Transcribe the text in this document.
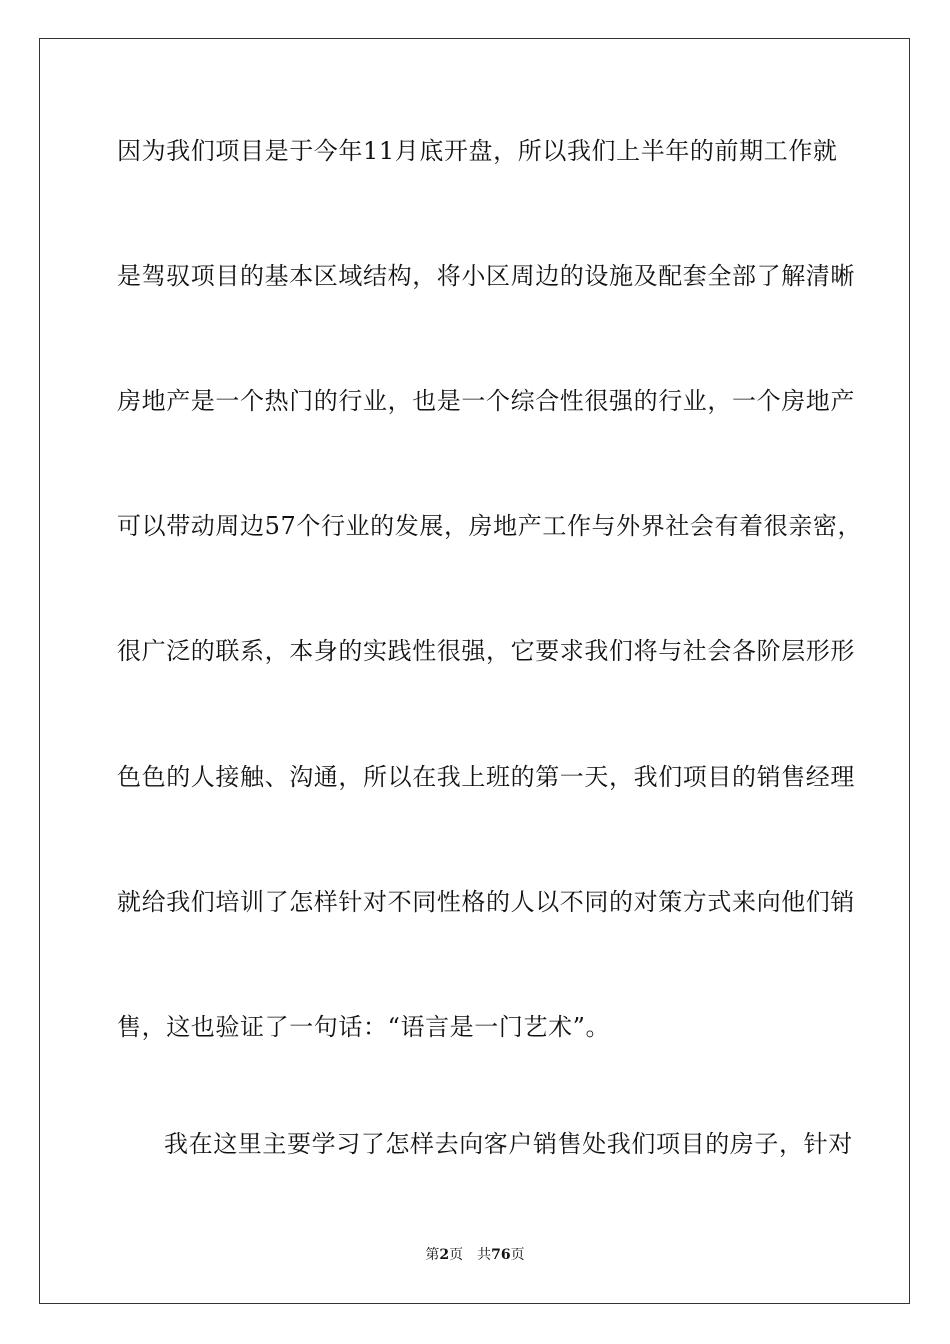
因为我们项目是于今年11月底开盘，所以我们上半年的前期工作就
是驾驭项目的基本区域结构，将小区周边的设施及配套全部了解清晰
房地产是一个热门的行业，也是一个综合性很强的行业，一个房地产
可以带动周边57个行业的发展，房地产工作与外界社会有着很亲密，
很广泛的联系，本身的实践性很强，它要求我们将与社会各阶层形形
色色的人接触、沟通，所以在我上班的第一天，我们项目的销售经理
就给我们培训了怎样针对不同性格的人以不同的对策方式来向他们销
售，这也验证了一句话：“语言是一门艺术”。
我在这里主要学习了怎样去向客户销售处我们项目的房子，针对
第2页 共76页
